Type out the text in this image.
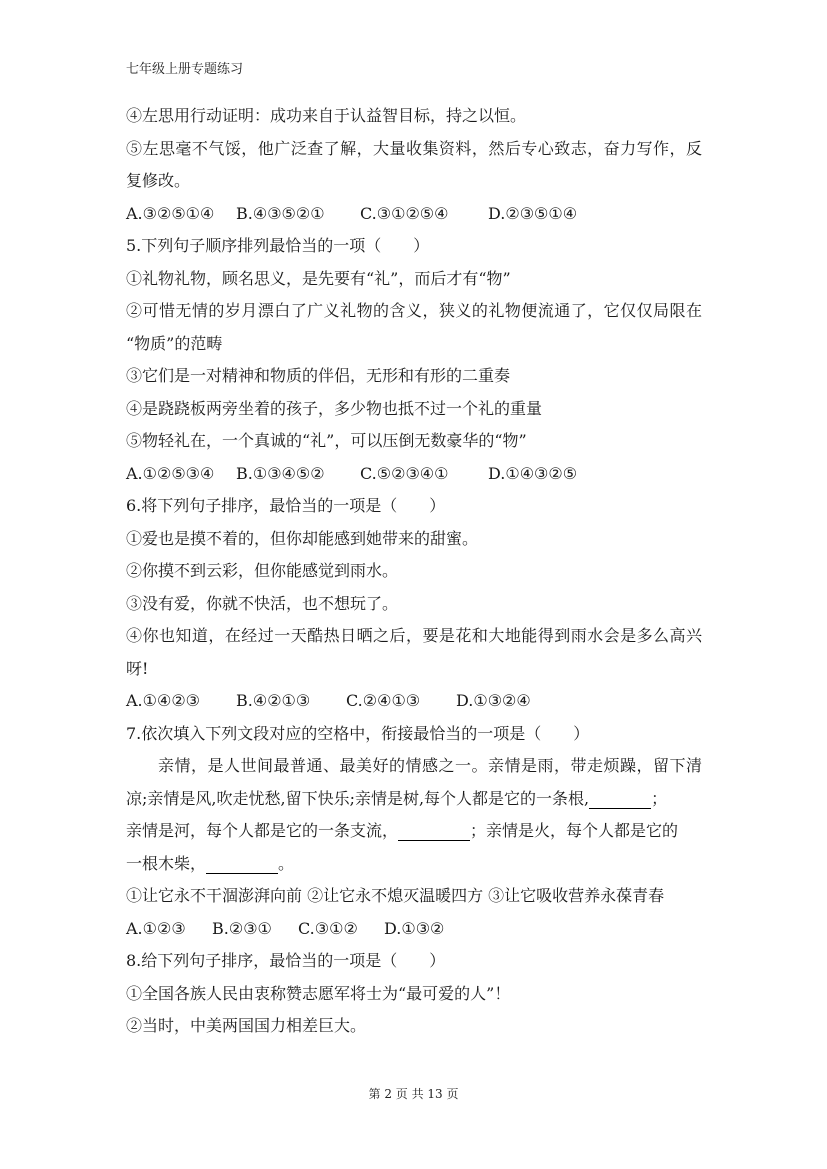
七年级上册专题练习
④左思用行动证明：成功来自于认益智目标，持之以恒。
⑤左思毫不气馁，他广泛查了解，大量收集资料，然后专心致志，奋力写作，反
复修改。
A.③②⑤①④ B.④③⑤②① C.③①②⑤④ D.②③⑤①④
5.下列句子顺序排列最恰当的一项（　　）
①礼物礼物，顾名思义，是先要有“礼”，而后才有“物”
②可惜无情的岁月漂白了广义礼物的含义，狭义的礼物便流通了，它仅仅局限在
“物质”的范畴
③它们是一对精神和物质的伴侣，无形和有形的二重奏
④是跷跷板两旁坐着的孩子，多少物也抵不过一个礼的重量
⑤物轻礼在，一个真诚的“礼”，可以压倒无数豪华的“物”
A.①②⑤③④ B.①③④⑤② C.⑤②③④① D.①④③②⑤
6.将下列句子排序，最恰当的一项是（　　）
①爱也是摸不着的，但你却能感到她带来的甜蜜。
②你摸不到云彩，但你能感觉到雨水。
③没有爱，你就不快活，也不想玩了。
④你也知道，在经过一天酷热日晒之后，要是花和大地能得到雨水会是多么高兴
呀!
A.①④②③ B.④②①③ C.②④①③ D.①③②④
7.依次填入下列文段对应的空格中，衔接最恰当的一项是（　　）
亲情，是人世间最普通、最美好的情感之一。亲情是雨，带走烦躁，留下清
凉;亲情是风,吹走忧愁,留下快乐;亲情是树,每个人都是它的一条根,	；
亲情是河，每个人都是它的一条支流，	；亲情是火，每个人都是它的
一根木柴，	。
①让它永不干涸澎湃向前 ②让它永不熄灭温暖四方 ③让它吸收营养永葆青春
A.①②③ B.②③① C.③①② D.①③②
8.给下列句子排序，最恰当的一项是（　　）
①全国各族人民由衷称赞志愿军将士为“最可爱的人”！
②当时，中美两国国力相差巨大。
第 2 页 共 13 页
